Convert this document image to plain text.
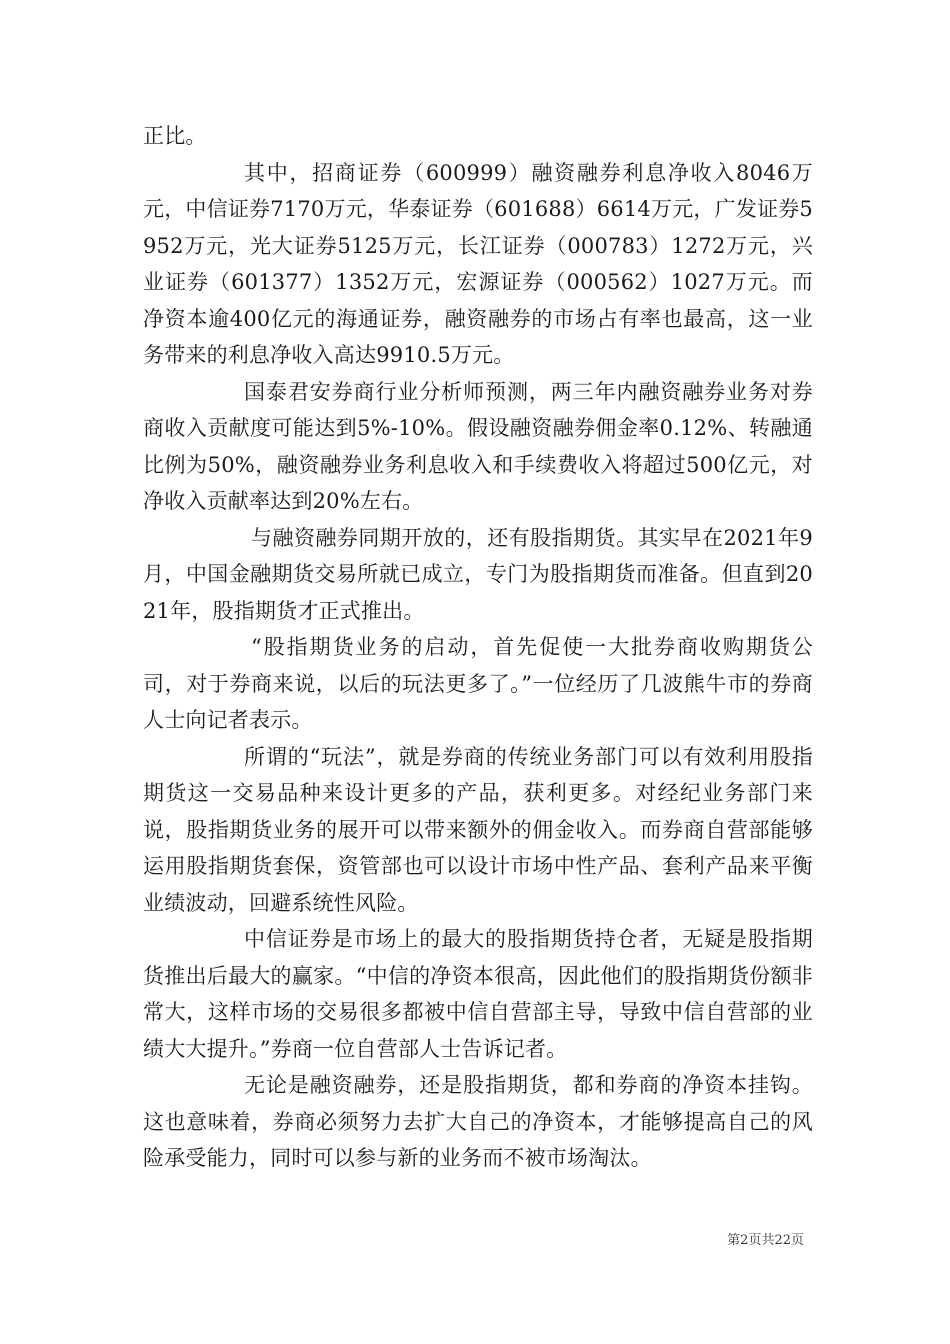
正比。

其中，招商证券（600999）融资融券利息净收入8046万元，中信证券7170万元，华泰证券（601688）6614万元，广发证券5952万元，光大证券5125万元，长江证券（000783）1272万元，兴业证券（601377）1352万元，宏源证券（000562）1027万元。而净资本逾400亿元的海通证券，融资融券的市场占有率也最高，这一业务带来的利息净收入高达9910.5万元。

国泰君安券商行业分析师预测，两三年内融资融券业务对券商收入贡献度可能达到5%-10%。假设融资融券佣金率0.12%、转融通比例为50%，融资融券业务利息收入和手续费收入将超过500亿元，对净收入贡献率达到20%左右。

与融资融券同期开放的，还有股指期货。其实早在2021年9月，中国金融期货交易所就已成立，专门为股指期货而准备。但直到2021年，股指期货才正式推出。

“股指期货业务的启动，首先促使一大批券商收购期货公司，对于券商来说，以后的玩法更多了。”一位经历了几波熊牛市的券商人士向记者表示。

所谓的“玩法”，就是券商的传统业务部门可以有效利用股指期货这一交易品种来设计更多的产品，获利更多。对经纪业务部门来说，股指期货业务的展开可以带来额外的佣金收入。而券商自营部能够运用股指期货套保，资管部也可以设计市场中性产品、套利产品来平衡业绩波动，回避系统性风险。

中信证券是市场上的最大的股指期货持仓者，无疑是股指期货推出后最大的赢家。“中信的净资本很高，因此他们的股指期货份额非常大，这样市场的交易很多都被中信自营部主导，导致中信自营部的业绩大大提升。”券商一位自营部人士告诉记者。

无论是融资融券，还是股指期货，都和券商的净资本挂钩。这也意味着，券商必须努力去扩大自己的净资本，才能够提高自己的风险承受能力，同时可以参与新的业务而不被市场淘汰。

第2页共22页
